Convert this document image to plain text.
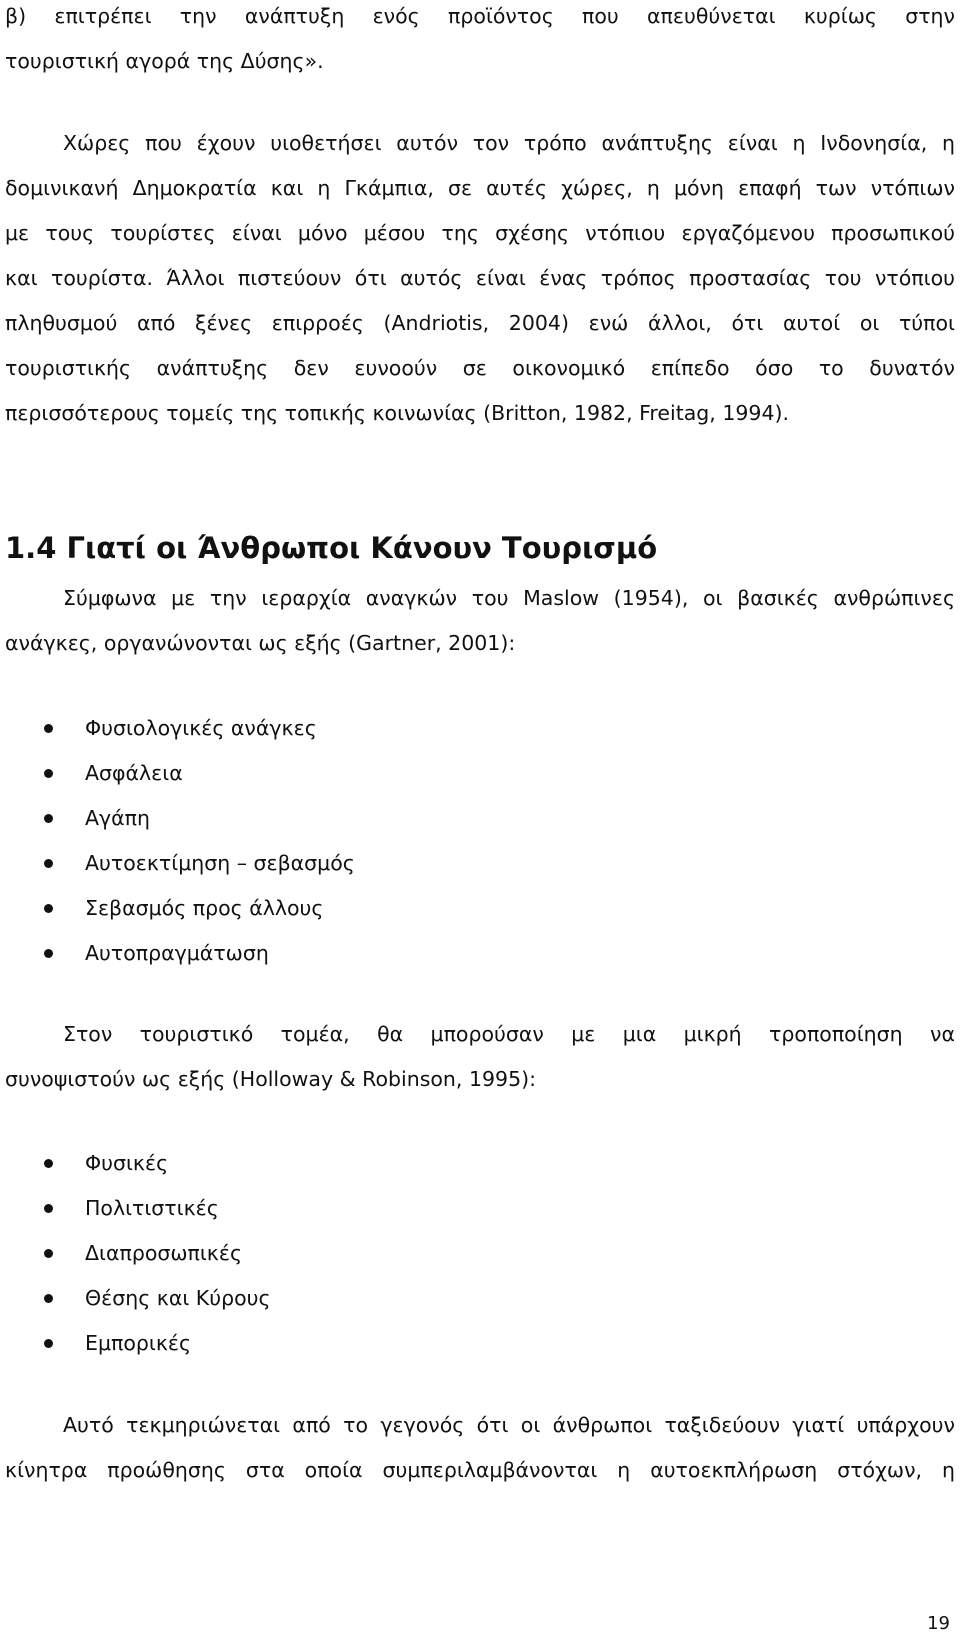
β) επιτρέπει την ανάπτυξη ενός προϊόντος που απευθύνεται κυρίως στην
τουριστική αγορά της Δύσης».
Χώρες που έχουν υιοθετήσει αυτόν τον τρόπο ανάπτυξης είναι η Ινδονησία, η
δομινικανή Δημοκρατία και η Γκάμπια, σε αυτές χώρες, η μόνη επαφή των ντόπιων
με τους τουρίστες είναι μόνο μέσου της σχέσης ντόπιου εργαζόμενου προσωπικού
και τουρίστα. Άλλοι πιστεύουν ότι αυτός είναι ένας τρόπος προστασίας του ντόπιου
πληθυσμού από ξένες επιρροές (Andriotis, 2004) ενώ άλλοι, ότι αυτοί οι τύποι
τουριστικής ανάπτυξης δεν ευνοούν σε οικονομικό επίπεδο όσο το δυνατόν
περισσότερους τομείς της τοπικής κοινωνίας (Britton, 1982, Freitag, 1994).
1.4 Γιατί οι Άνθρωποι Κάνουν Τουρισμό
Σύμφωνα με την ιεραρχία αναγκών του Maslow (1954), οι βασικές ανθρώπινες
ανάγκες, οργανώνονται ως εξής (Gartner, 2001):
Φυσιολογικές ανάγκες
Ασφάλεια
Αγάπη
Αυτοεκτίμηση – σεβασμός
Σεβασμός προς άλλους
Αυτοπραγμάτωση
Στον τουριστικό τομέα, θα μπορούσαν με μια μικρή τροποποίηση να
συνοψιστούν ως εξής (Holloway & Robinson, 1995):
Φυσικές
Πολιτιστικές
Διαπροσωπικές
Θέσης και Κύρους
Εμπορικές
Αυτό τεκμηριώνεται από το γεγονός ότι οι άνθρωποι ταξιδεύουν γιατί υπάρχουν
κίνητρα προώθησης στα οποία συμπεριλαμβάνονται η αυτοεκπλήρωση στόχων, η
19
